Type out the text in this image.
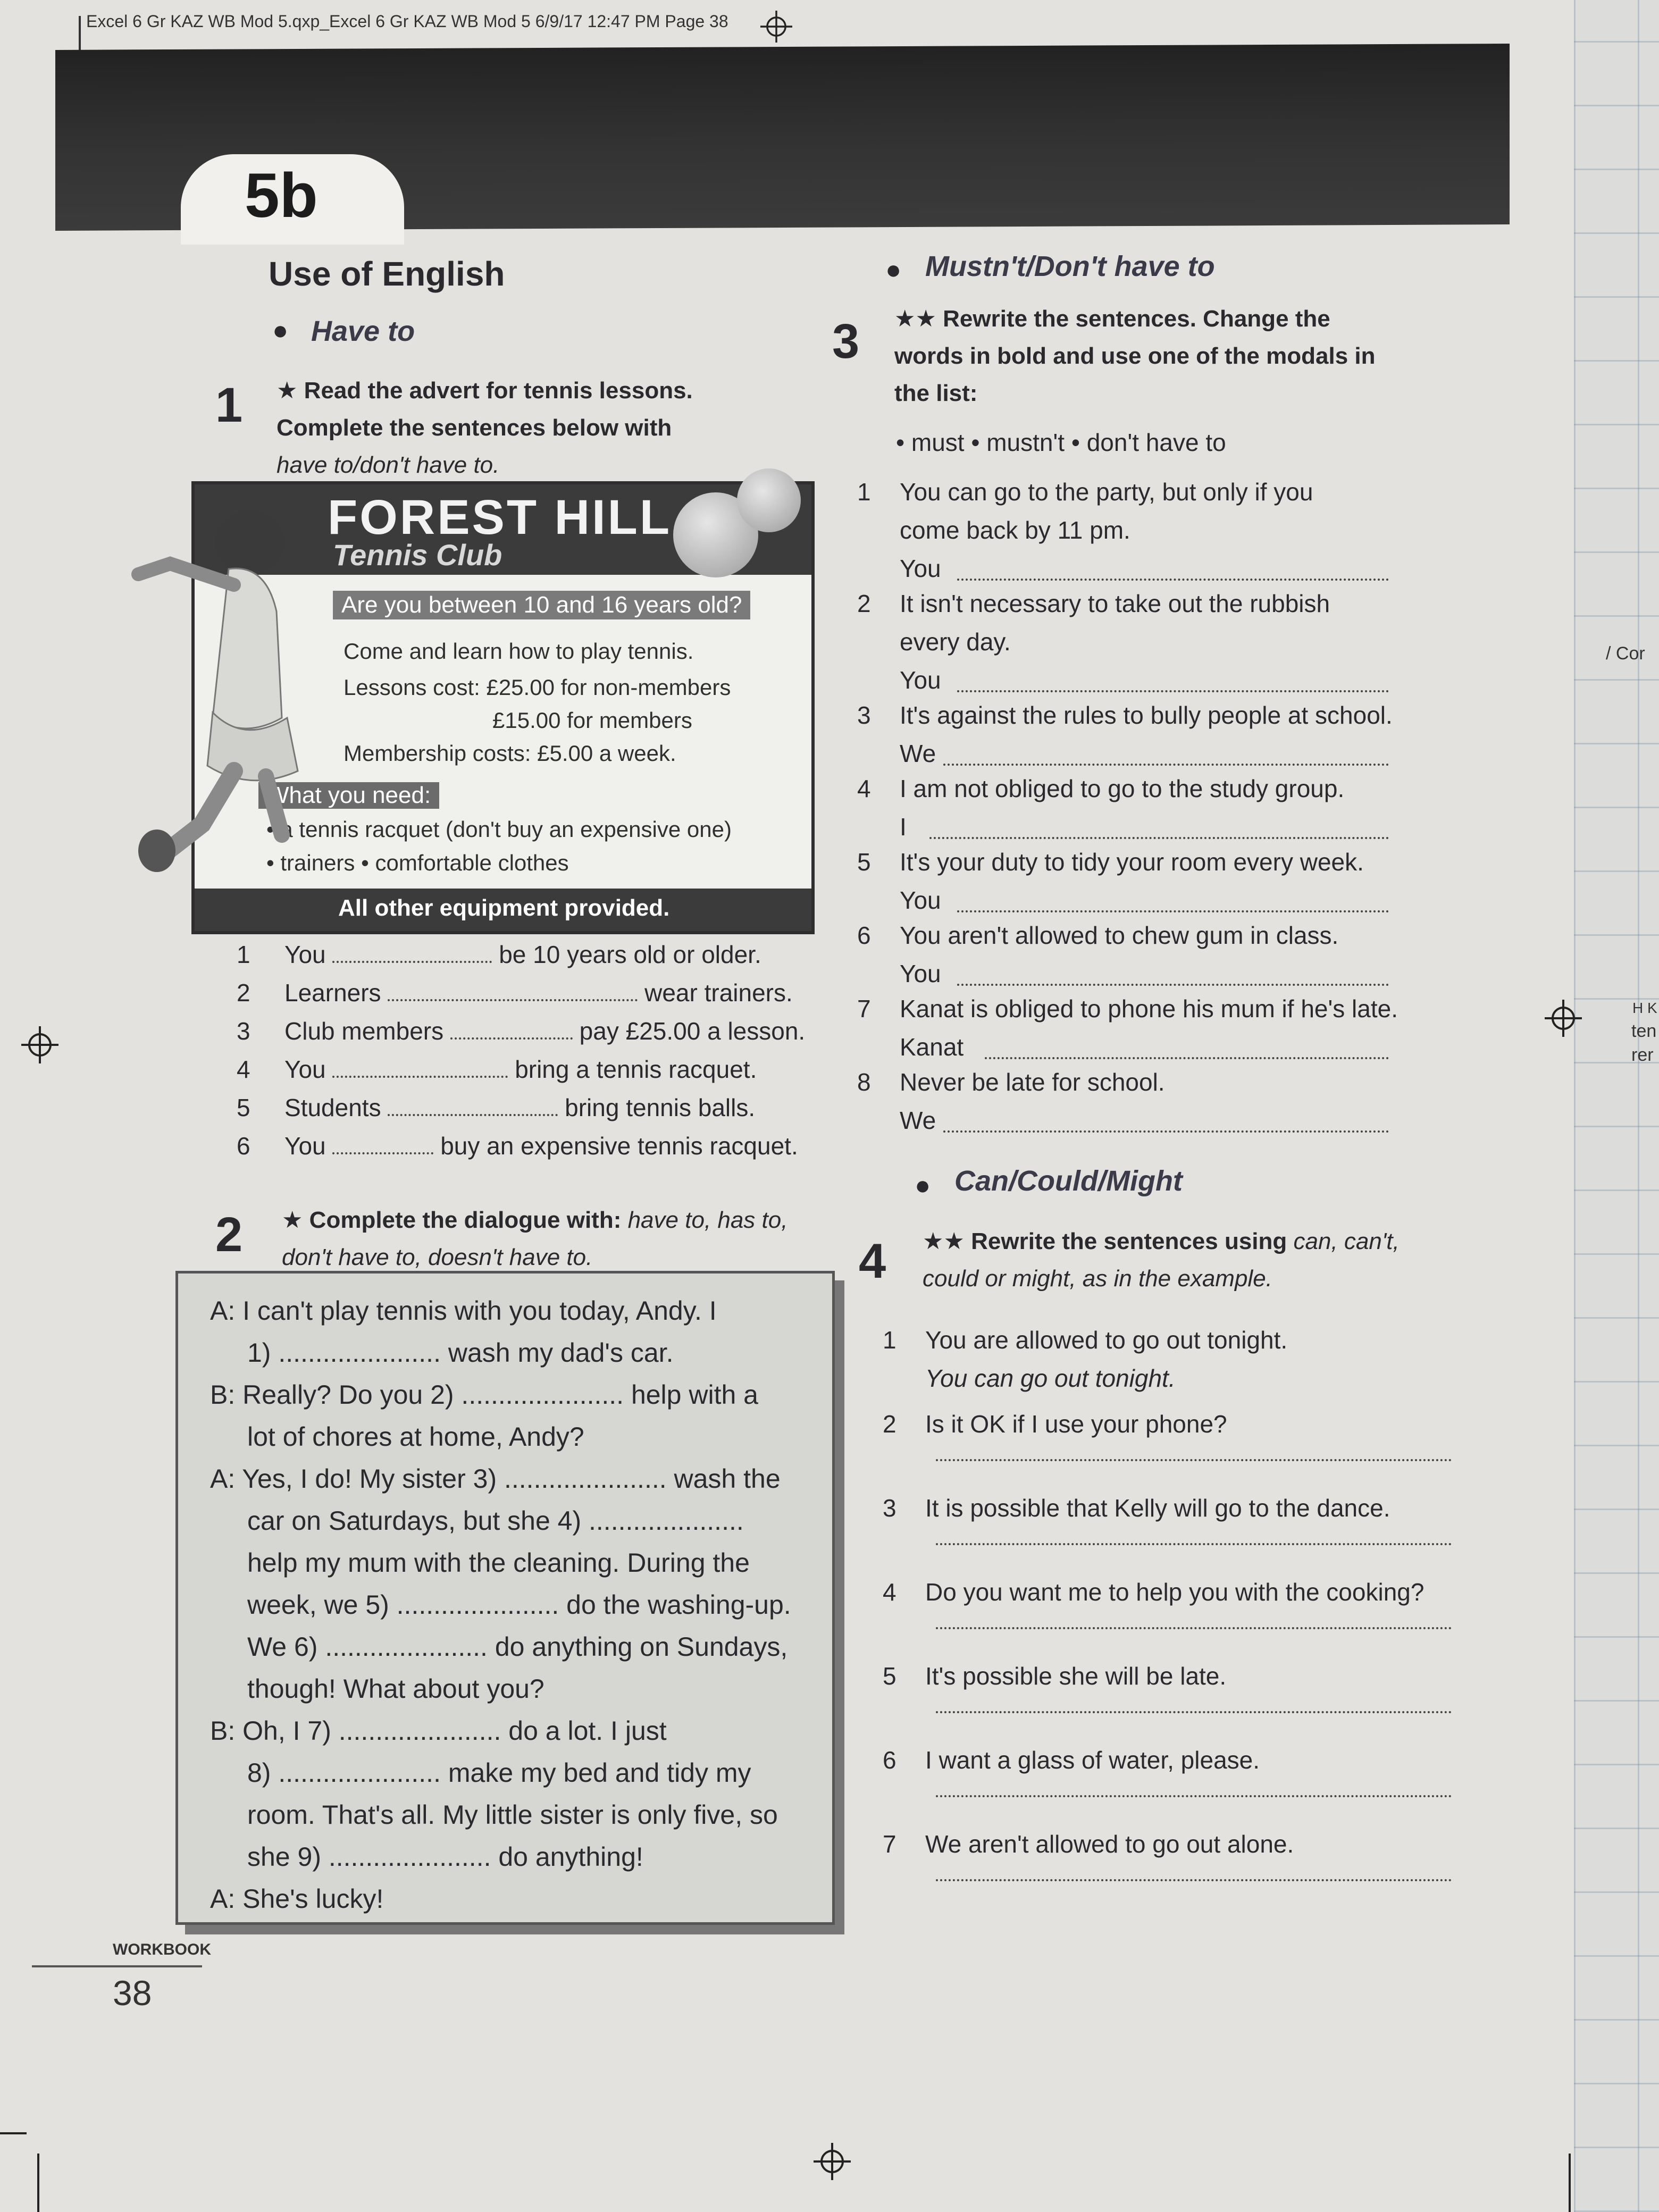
/ Cor
H K
ten
rer
Excel 6 Gr KAZ WB Mod 5.qxp_Excel 6 Gr KAZ WB Mod 5 6/9/17 12:47 PM Page 38
5b
Use of English
● Have to
1 ★ Read the advert for tennis lessons. Complete the sentences below with
have to/don't have to.
FOREST HILL
Tennis Club
Are you between 10 and 16 years old?
Come and learn how to play tennis.
Lessons cost: £25.00 for non-members
£15.00 for members
Membership costs: £5.00 a week.
What you need:
• a tennis racquet (don't buy an expensive one)
• trainers • comfortable clothes
All other equipment provided.
2 ★ Complete the dialogue with: have to, has to, don't have to, doesn't have to.
A: I can't play tennis with you today, Andy. I
1) ...................... wash my dad's car.
B: Really? Do you 2) ...................... help with a
lot of chores at home, Andy?
A: Yes, I do! My sister 3) ...................... wash the
car on Saturdays, but she 4) .....................
help my mum with the cleaning. During the
week, we 5) ...................... do the washing-up.
We 6) ...................... do anything on Sundays,
though! What about you?
B: Oh, I 7) ...................... do a lot. I just
8) ...................... make my bed and tidy my
room. That's all. My little sister is only five, so
she 9) ...................... do anything!
A: She's lucky!
● Mustn't/Don't have to
3 ★★ Rewrite the sentences. Change the words in bold and use one of the modals in the list:
• must • mustn't • don't have to
● Can/Could/Might
4 ★★ Rewrite the sentences using can, can't, could or might, as in the example.
WORKBOOK
38
1 You	be 10 years old or older.
2 Learners	wear trainers.
3 Club members	pay £25.00 a lesson.
4 You	bring a tennis racquet.
5 Students	bring tennis balls.
6 You	buy an expensive tennis racquet.
1 You can go to the party, but only if you
come back by 11 pm.
You
2 It isn't necessary to take out the rubbish
every day.
You
3 It's against the rules to bully people at school.
We
4 I am not obliged to go to the study group.
I
5 It's your duty to tidy your room every week.
You
6 You aren't allowed to chew gum in class.
You
7 Kanat is obliged to phone his mum if he's late.
Kanat
8 Never be late for school.
We
1 You are allowed to go out tonight.
You can go out tonight.
2 Is it OK if I use your phone?
3 It is possible that Kelly will go to the dance.
4 Do you want me to help you with the cooking?
5 It's possible she will be late.
6 I want a glass of water, please.
7 We aren't allowed to go out alone.
